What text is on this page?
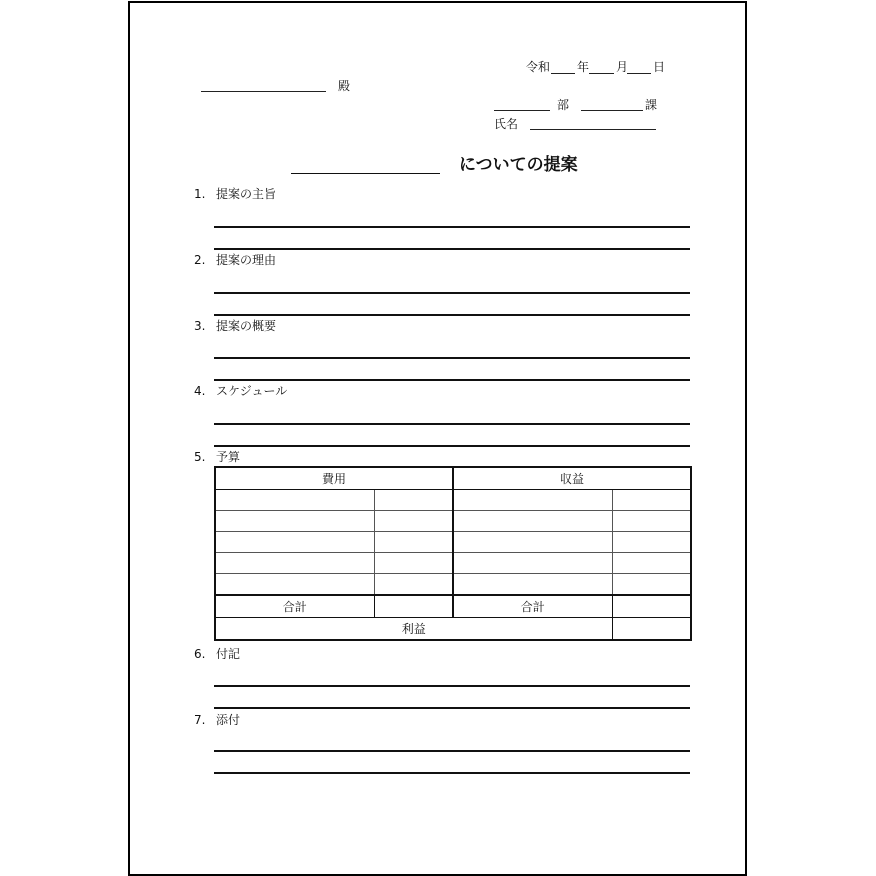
令和 年 月 日
殿
部	課
氏名
についての提案
1. 提案の主旨
2. 提案の理由
3. 提案の概要
4. スケジュール
5. 予算
費用		収益	

合計		合計	
利益			
6. 付記
7. 添付
